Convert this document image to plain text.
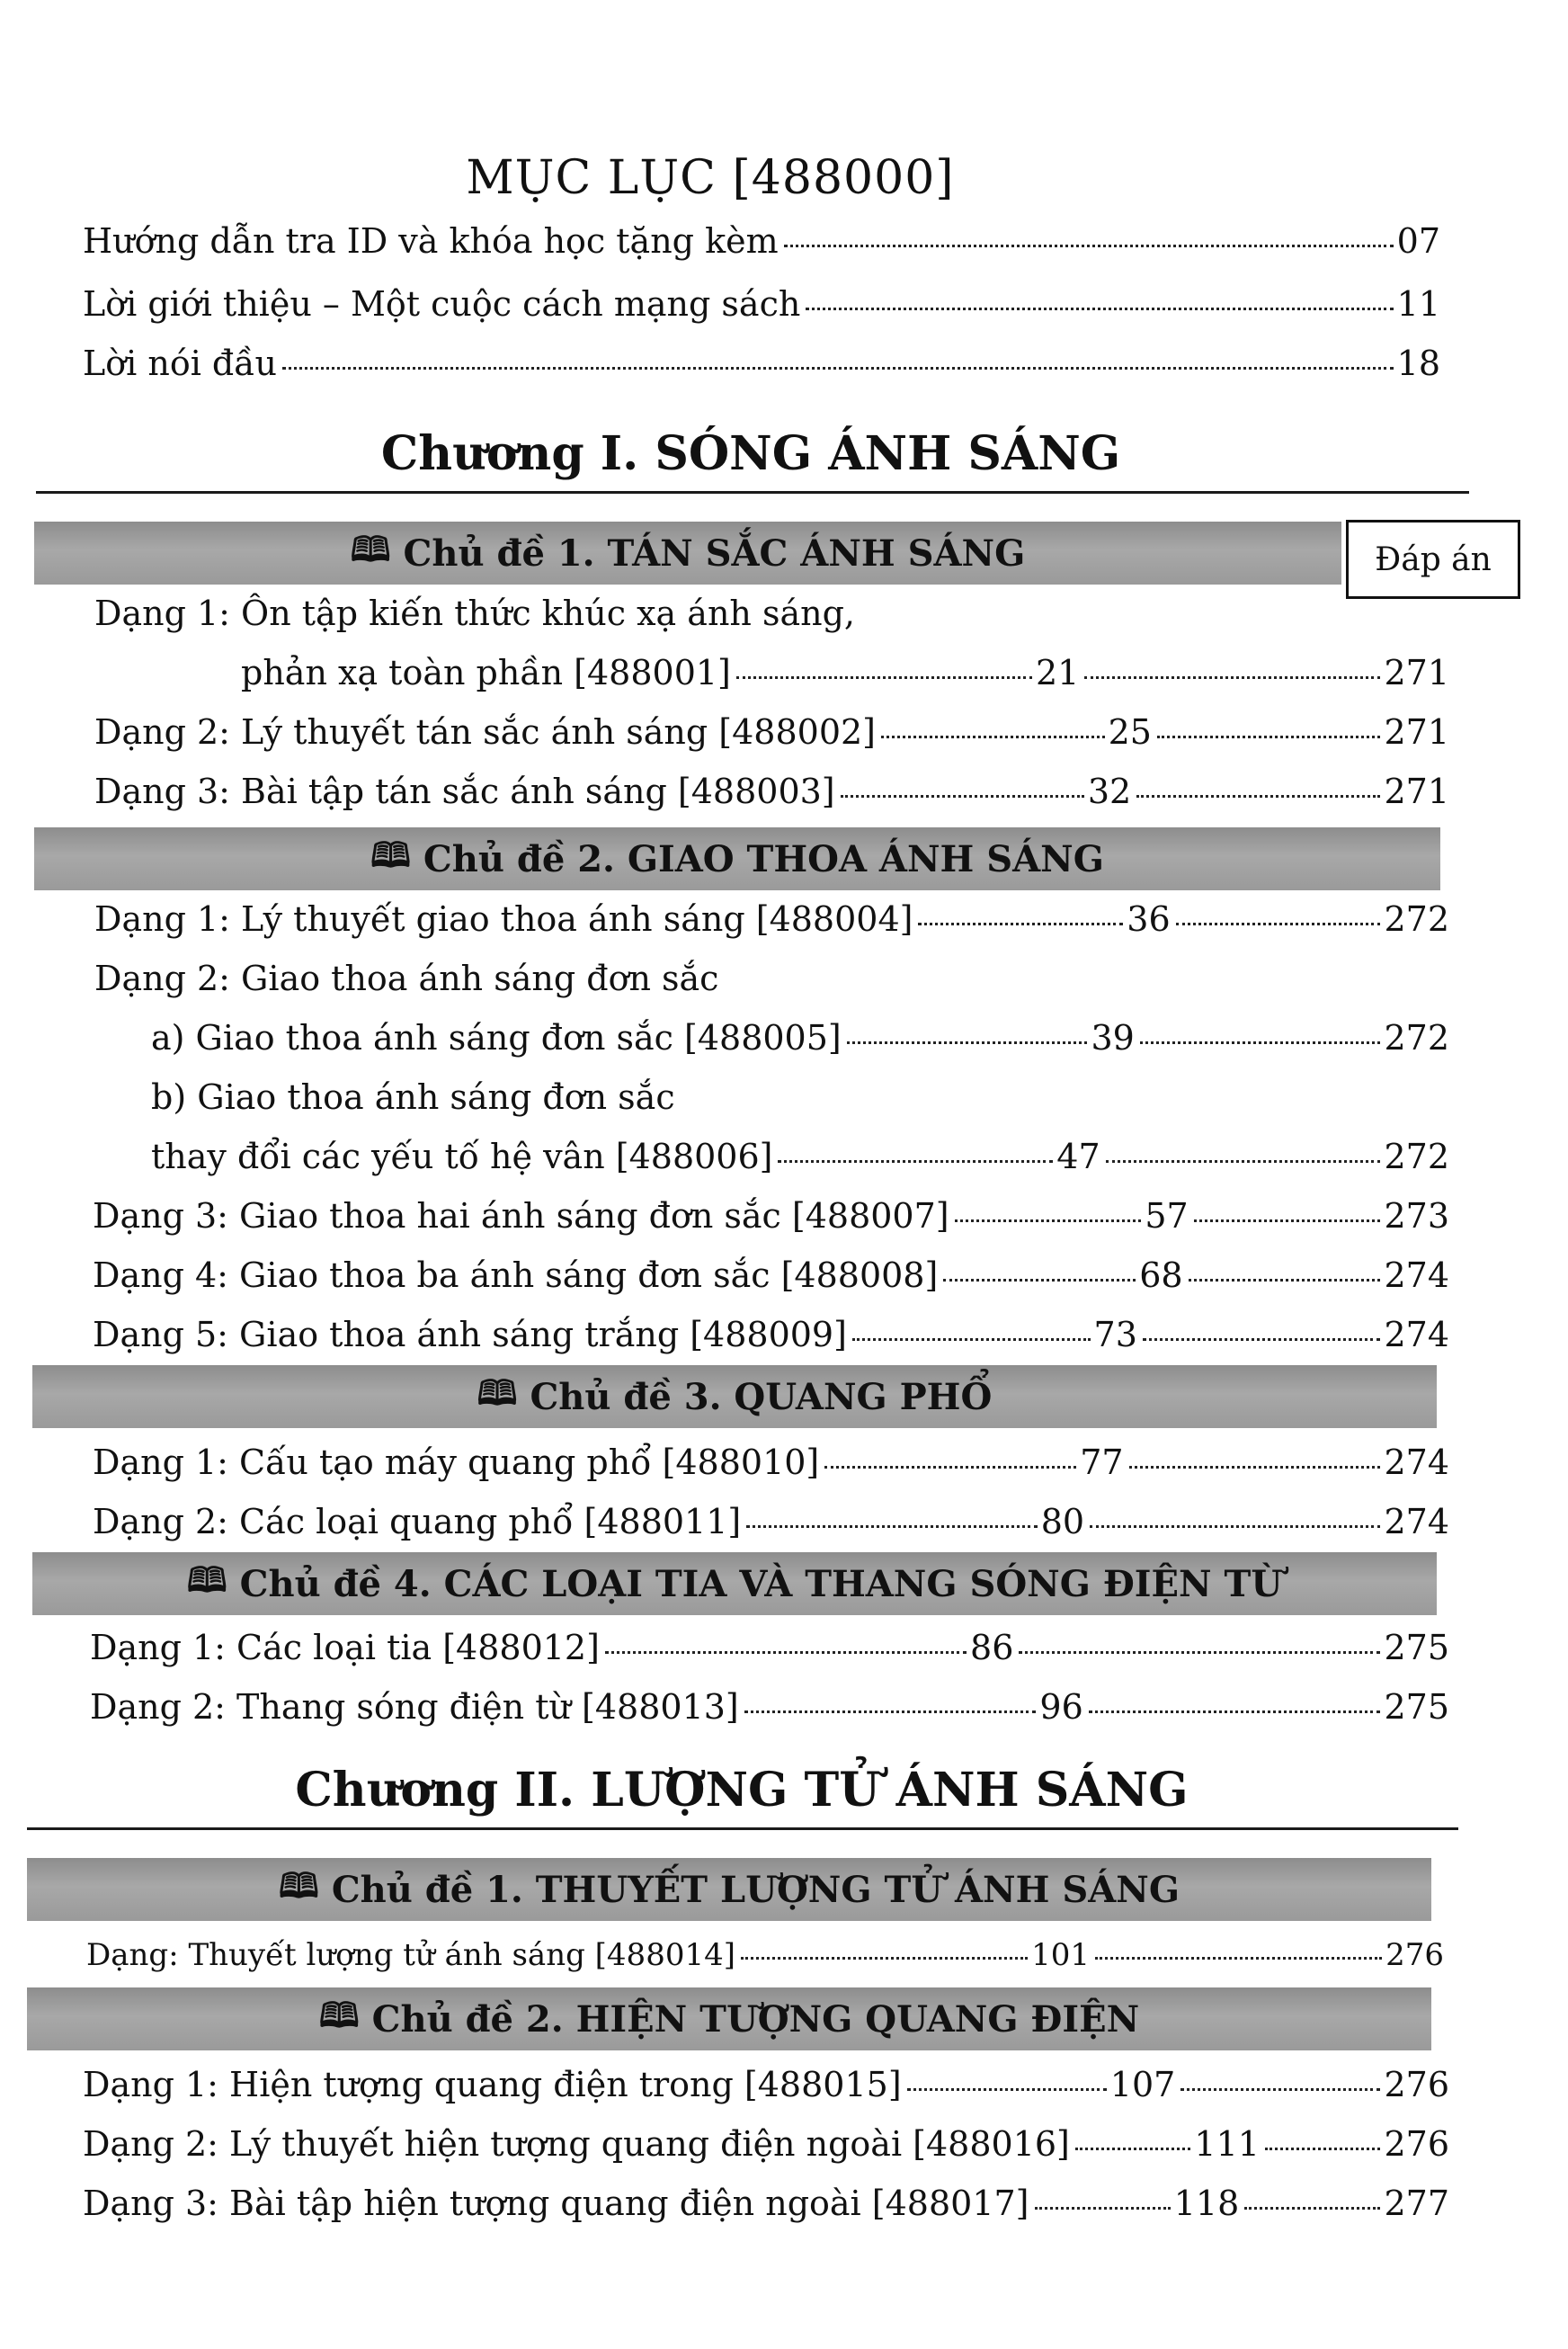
MỤC LỤC [488000]
Hướng dẫn tra ID và khóa học tặng kèm	07
Lời giới thiệu – Một cuộc cách mạng sách	11
Lời nói đầu	18
Chương I. SÓNG ÁNH SÁNG
🕮 Chủ đề 1. TÁN SẮC ÁNH SÁNG	Đáp án
Dạng 1: Ôn tập kiến thức khúc xạ ánh sáng,
phản xạ toàn phần [488001]	21	271
Dạng 2: Lý thuyết tán sắc ánh sáng [488002]	25	271
Dạng 3: Bài tập tán sắc ánh sáng [488003]	32	271
🕮 Chủ đề 2. GIAO THOA ÁNH SÁNG
Dạng 1: Lý thuyết giao thoa ánh sáng [488004]	36	272
Dạng 2: Giao thoa ánh sáng đơn sắc
a) Giao thoa ánh sáng đơn sắc [488005]	39	272
b) Giao thoa ánh sáng đơn sắc
thay đổi các yếu tố hệ vân [488006]	47	272
Dạng 3: Giao thoa hai ánh sáng đơn sắc [488007]	57	273
Dạng 4: Giao thoa ba ánh sáng đơn sắc [488008]	68	274
Dạng 5: Giao thoa ánh sáng trắng [488009]	73	274
🕮 Chủ đề 3. QUANG PHỔ
Dạng 1: Cấu tạo máy quang phổ [488010]	77	274
Dạng 2: Các loại quang phổ [488011]	80	274
🕮 Chủ đề 4. CÁC LOẠI TIA VÀ THANG SÓNG ĐIỆN TỪ
Dạng 1: Các loại tia [488012]	86	275
Dạng 2: Thang sóng điện từ [488013]	96	275
Chương II. LƯỢNG TỬ ÁNH SÁNG
🕮 Chủ đề 1. THUYẾT LƯỢNG TỬ ÁNH SÁNG
Dạng: Thuyết lượng tử ánh sáng [488014]	101	276
🕮 Chủ đề 2. HIỆN TƯỢNG QUANG ĐIỆN
Dạng 1: Hiện tượng quang điện trong [488015]	107	276
Dạng 2: Lý thuyết hiện tượng quang điện ngoài [488016]	111	276
Dạng 3: Bài tập hiện tượng quang điện ngoài [488017]	118	277
